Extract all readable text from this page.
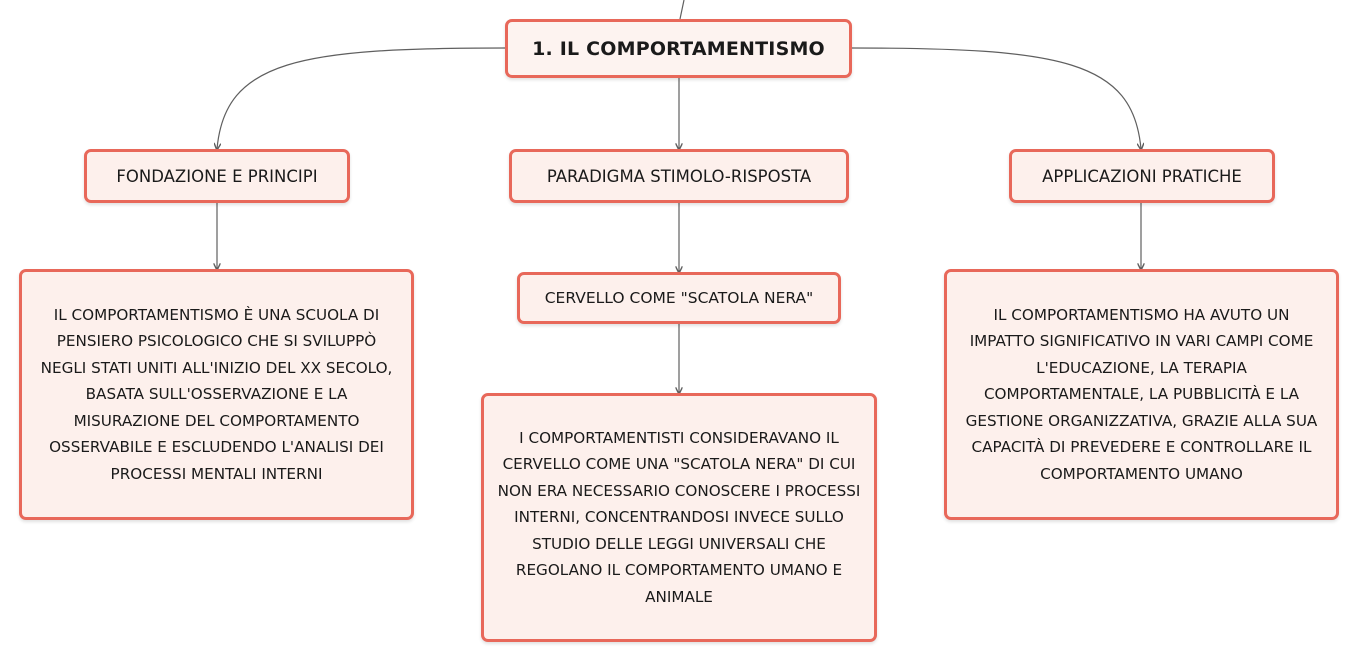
1. IL COMPORTAMENTISMO
FONDAZIONE E PRINCIPI	PARADIGMA STIMOLO-RISPOSTA	APPLICAZIONI PRATICHE
CERVELLO COME "SCATOLA NERA"
IL COMPORTAMENTISMO È UNA SCUOLA DI PENSIERO PSICOLOGICO CHE SI SVILUPPÒ NEGLI STATI UNITI ALL'INIZIO DEL XX SECOLO, BASATA SULL'OSSERVAZIONE E LA MISURAZIONE DEL COMPORTAMENTO OSSERVABILE E ESCLUDENDO L'ANALISI DEI PROCESSI MENTALI INTERNI
I COMPORTAMENTISTI CONSIDERAVANO IL CERVELLO COME UNA "SCATOLA NERA" DI CUI NON ERA NECESSARIO CONOSCERE I PROCESSI INTERNI, CONCENTRANDOSI INVECE SULLO STUDIO DELLE LEGGI UNIVERSALI CHE REGOLANO IL COMPORTAMENTO UMANO E ANIMALE
IL COMPORTAMENTISMO HA AVUTO UN IMPATTO SIGNIFICATIVO IN VARI CAMPI COME L'EDUCAZIONE, LA TERAPIA COMPORTAMENTALE, LA PUBBLICITÀ E LA GESTIONE ORGANIZZATIVA, GRAZIE ALLA SUA CAPACITÀ DI PREVEDERE E CONTROLLARE IL COMPORTAMENTO UMANO
